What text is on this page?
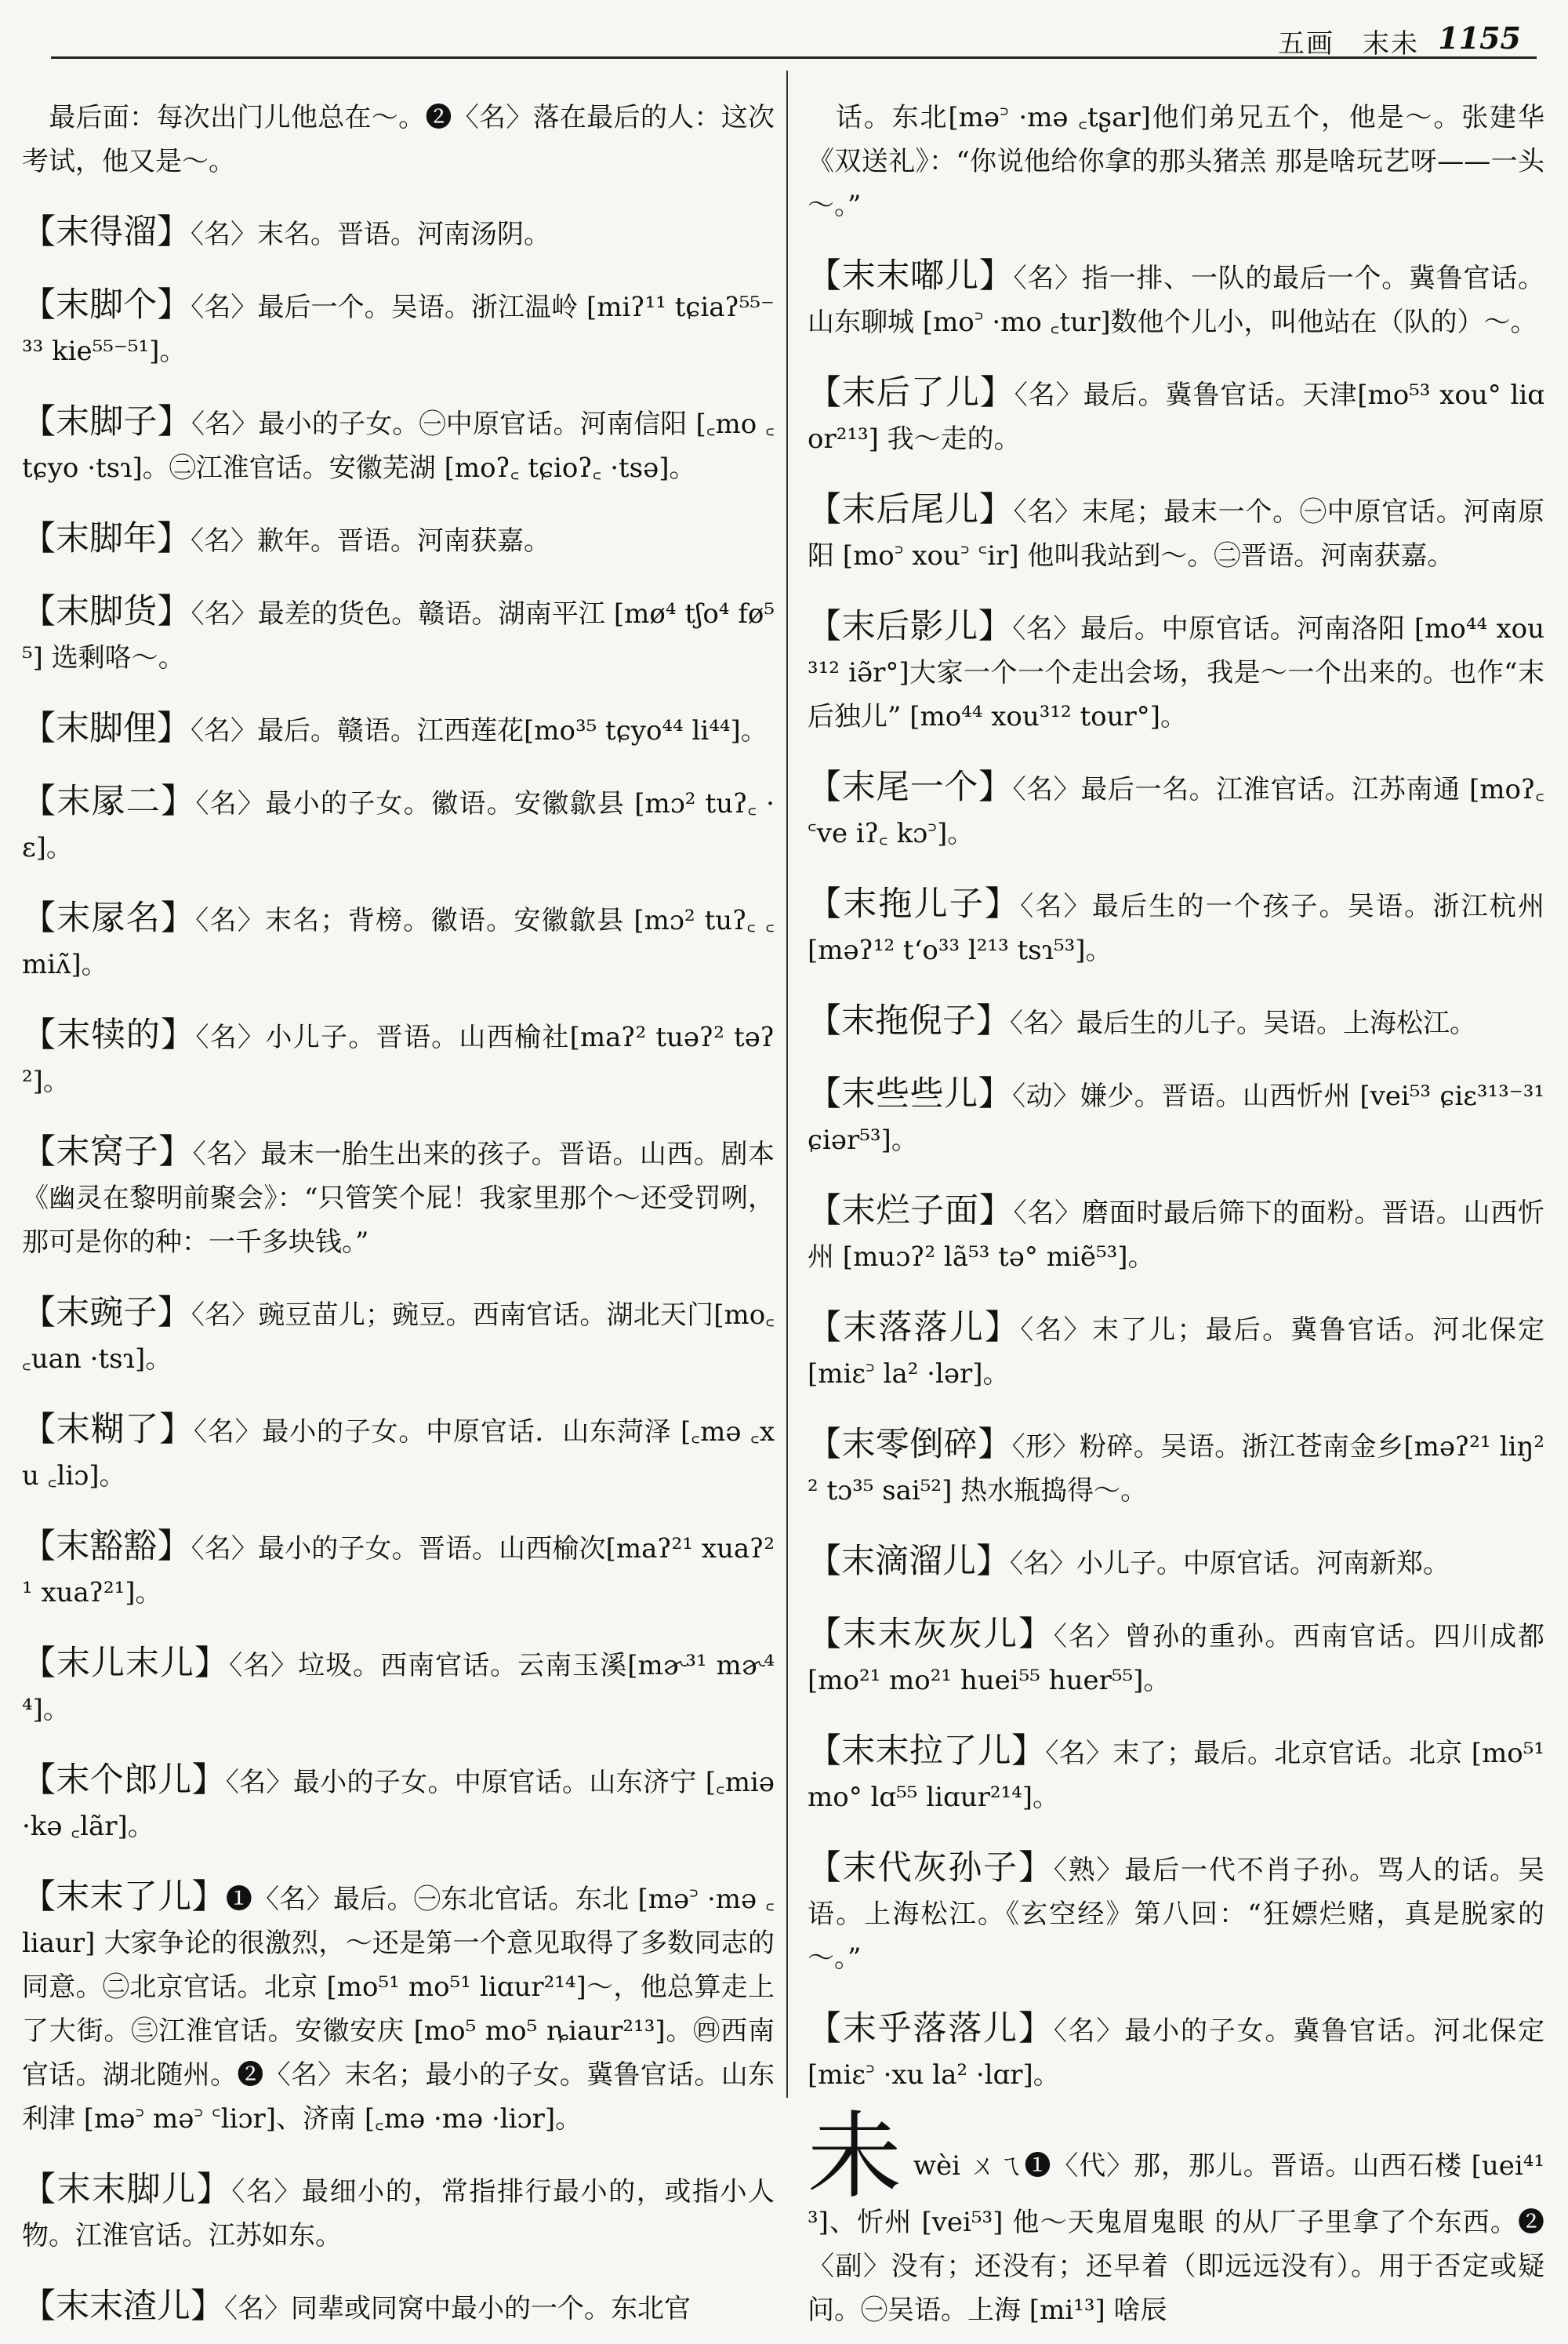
五画　末未 1155

　最后面：每次出门儿他总在～。❷〈名〉落在最后的人：这次考试，他又是～。

【末得溜】〈名〉末名。晋语。河南汤阴。

【末脚个】〈名〉最后一个。吴语。浙江温岭 [miʔ¹¹ tɕiaʔ⁵⁵⁻³³ kie⁵⁵⁻⁵¹]。

【末脚子】〈名〉最小的子女。㊀中原官话。河南信阳 [꜀mo ꜀tɕyo ·tsɿ]。㊁江淮官话。安徽芜湖 [moʔ꜀ tɕioʔ꜀ ·tsə]。

【末脚年】〈名〉歉年。晋语。河南获嘉。

【末脚货】〈名〉最差的货色。赣语。湖南平江 [mø⁴ tʃo⁴ fø⁵⁵] 选剩咯～。

【末脚俚】〈名〉最后。赣语。江西莲花[mo³⁵ tɕyo⁴⁴ li⁴⁴]。

【末㞘二】〈名〉最小的子女。徽语。安徽歙县 [mɔ² tuʔ꜀ ·ɛ]。

【末㞘名】〈名〉末名；背榜。徽语。安徽歙县 [mɔ² tuʔ꜀ ꜀miʌ̃]。

【末犊的】〈名〉小儿子。晋语。山西榆社[maʔ² tuəʔ² təʔ²]。

【末窝子】〈名〉最末一胎生出来的孩子。晋语。山西。剧本《幽灵在黎明前聚会》：“只管笑个屁！我家里那个～还受罚咧，那可是你的种：一千多块钱。”

【末豌子】〈名〉豌豆苗儿；豌豆。西南官话。湖北天门[mo꜀ ꜀uan ·tsɿ]。

【末糊了】〈名〉最小的子女。中原官话．山东菏泽 [꜀mə ꜀xu ꜀liɔ]。

【末豁豁】〈名〉最小的子女。晋语。山西榆次[maʔ²¹ xuaʔ²¹ xuaʔ²¹]。

【末儿末儿】〈名〉垃圾。西南官话。云南玉溪[mɚ³¹ mɚ⁴⁴]。

【末个郎儿】〈名〉最小的子女。中原官话。山东济宁 [꜀miə ·kə ꜀lãr]。

【末末了儿】❶〈名〉最后。㊀东北官话。东北 [mə꜄ ·mə ꜀liaur] 大家争论的很激烈，～还是第一个意见取得了多数同志的同意。㊁北京官话。北京 [mo⁵¹ mo⁵¹ liɑur²¹⁴]～，他总算走上了大街。㊂江淮官话。安徽安庆 [mo⁵ mo⁵ ȵiaur²¹³]。㊃西南官话。湖北随州。❷〈名〉末名；最小的子女。冀鲁官话。山东利津 [mə꜄ mə꜄ ꜂liɔr]、济南 [꜀mə ·mə ·liɔr]。

【末末脚儿】〈名〉最细小的，常指排行最小的，或指小人物。江淮官话。江苏如东。

【末末渣儿】〈名〉同辈或同窝中最小的一个。东北官

　话。东北[mə꜄ ·mə ꜀tʂar]他们弟兄五个，他是～。张建华《双送礼》：“你说他给你拿的那头猪羔 那是啥玩艺呀——一头～。”

【末末嘟儿】〈名〉指一排、一队的最后一个。冀鲁官话。山东聊城 [mo꜄ ·mo ꜀tur]数他个儿小，叫他站在（队的）～。

【末后了儿】〈名〉最后。冀鲁官话。天津[mo⁵³ xou° liɑor²¹³] 我～走的。

【末后尾儿】〈名〉末尾；最末一个。㊀中原官话。河南原阳 [mo꜄ xou꜄ ꜂ir] 他叫我站到～。㊁晋语。河南获嘉。

【末后影儿】〈名〉最后。中原官话。河南洛阳 [mo⁴⁴ xou³¹² iə̃r°]大家一个一个走出会场，我是～一个出来的。也作“末后独儿” [mo⁴⁴ xou³¹² tour°]。

【末尾一个】〈名〉最后一名。江淮官话。江苏南通 [moʔ꜀ ꜂ve iʔ꜀ kɔ꜄]。

【末拖儿子】〈名〉最后生的一个孩子。吴语。浙江杭州 [məʔ¹² tʻo³³ l²¹³ tsɿ⁵³]。

【末拖倪子】〈名〉最后生的儿子。吴语。上海松江。

【末些些儿】〈动〉嫌少。晋语。山西忻州 [vei⁵³ ɕiɛ³¹³⁻³¹ ɕiər⁵³]。

【末烂子面】〈名〉磨面时最后筛下的面粉。晋语。山西忻州 [muɔʔ² lã⁵³ tə° miẽ⁵³]。

【末落落儿】〈名〉末了儿；最后。冀鲁官话。河北保定 [miɛ꜄ la² ·lər]。

【末零倒碎】〈形〉粉碎。吴语。浙江苍南金乡[məʔ²¹ liŋ²² tɔ³⁵ sai⁵²] 热水瓶捣得～。

【末滴溜儿】〈名〉小儿子。中原官话。河南新郑。

【末末灰灰儿】〈名〉曾孙的重孙。西南官话。四川成都 [mo²¹ mo²¹ huei⁵⁵ huer⁵⁵]。

【末末拉了儿】〈名〉末了；最后。北京官话。北京 [mo⁵¹ mo° lɑ⁵⁵ liɑur²¹⁴]。

【末代灰孙子】〈熟〉最后一代不肖子孙。骂人的话。吴语。上海松江。《玄空经》第八回：“狂嫖烂赌，真是脱家的～。”

【末乎落落儿】〈名〉最小的子女。冀鲁官话。河北保定 [miɛ꜄ ·xu la² ·lɑr]。

未wèi ㄨㄟ❶〈代〉那，那儿。晋语。山西石楼 [uei⁴¹³]、忻州 [vei⁵³] 他～天鬼眉鬼眼 的从厂子里拿了个东西。❷〈副〉没有；还没有；还早着（即远远没有）。用于否定或疑问。㊀吴语。上海 [mi¹³] 啥辰
